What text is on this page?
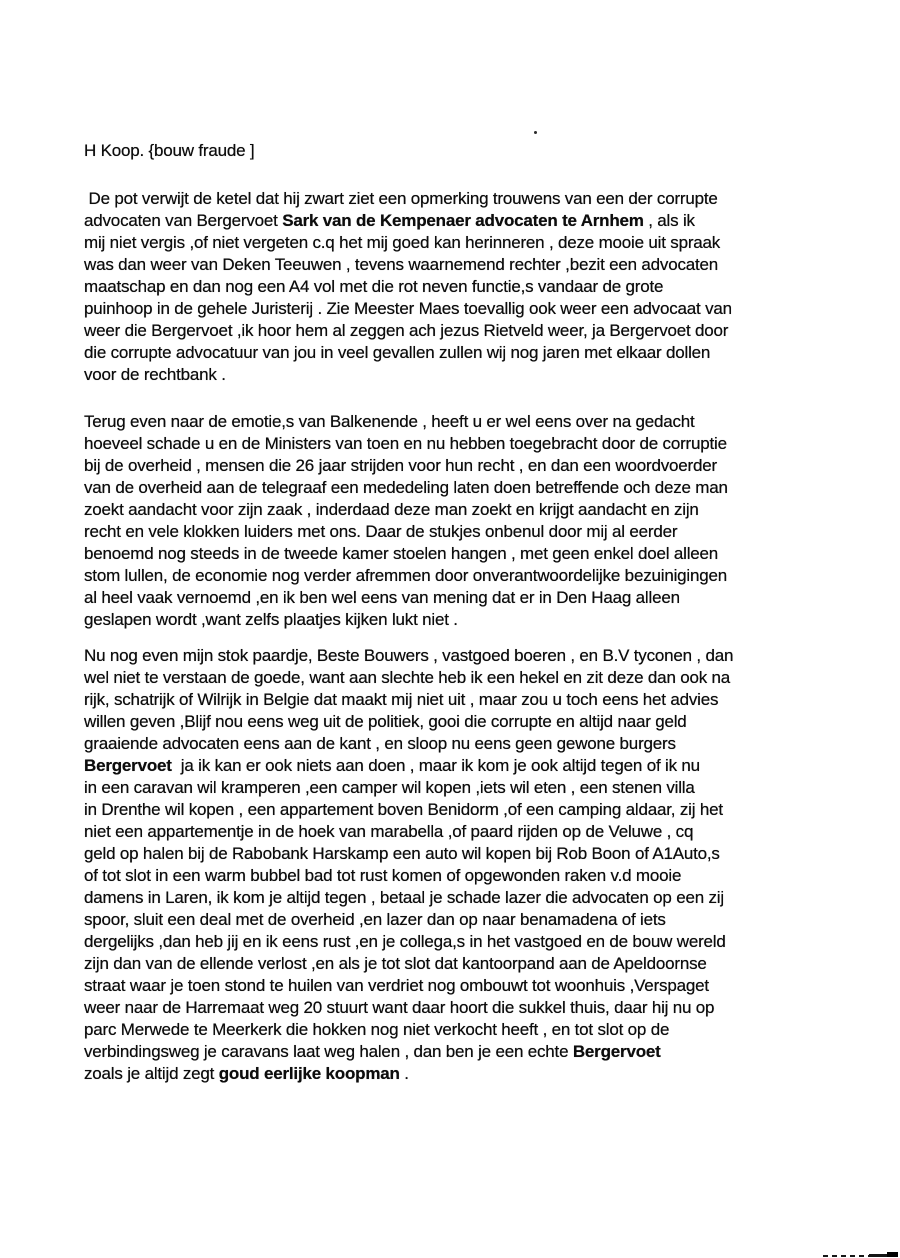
H Koop. {bouw fraude ]
De pot verwijt de ketel dat hij zwart ziet een opmerking trouwens van een der corrupte
advocaten van Bergervoet Sark van de Kempenaer advocaten te Arnhem , als ik
mij niet vergis ,of niet vergeten c.q het mij goed kan herinneren , deze mooie uit spraak
was dan weer van Deken Teeuwen , tevens waarnemend rechter ,bezit een advocaten
maatschap en dan nog een A4 vol met die rot neven functie,s vandaar de grote
puinhoop in de gehele Juristerij . Zie Meester Maes toevallig ook weer een advocaat van
weer die Bergervoet ,ik hoor hem al zeggen ach jezus Rietveld weer, ja Bergervoet door
die corrupte advocatuur van jou in veel gevallen zullen wij nog jaren met elkaar dollen
voor de rechtbank .
Terug even naar de emotie,s van Balkenende , heeft u er wel eens over na gedacht
hoeveel schade u en de Ministers van toen en nu hebben toegebracht door de corruptie
bij de overheid , mensen die 26 jaar strijden voor hun recht , en dan een woordvoerder
van de overheid aan de telegraaf een mededeling laten doen betreffende och deze man
zoekt aandacht voor zijn zaak , inderdaad deze man zoekt en krijgt aandacht en zijn
recht en vele klokken luiders met ons. Daar de stukjes onbenul door mij al eerder
benoemd nog steeds in de tweede kamer stoelen hangen , met geen enkel doel alleen
stom lullen, de economie nog verder afremmen door onverantwoordelijke bezuinigingen
al heel vaak vernoemd ,en ik ben wel eens van mening dat er in Den Haag alleen
geslapen wordt ,want zelfs plaatjes kijken lukt niet .
Nu nog even mijn stok paardje, Beste Bouwers , vastgoed boeren , en B.V tyconen , dan
wel niet te verstaan de goede, want aan slechte heb ik een hekel en zit deze dan ook na
rijk, schatrijk of Wilrijk in Belgie dat maakt mij niet uit , maar zou u toch eens het advies
willen geven ,Blijf nou eens weg uit de politiek, gooi die corrupte en altijd naar geld
graaiende advocaten eens aan de kant , en sloop nu eens geen gewone burgers
Bergervoet  ja ik kan er ook niets aan doen , maar ik kom je ook altijd tegen of ik nu
in een caravan wil kramperen ,een camper wil kopen ,iets wil eten , een stenen villa
in Drenthe wil kopen , een appartement boven Benidorm ,of een camping aldaar, zij het
niet een appartementje in de hoek van marabella ,of paard rijden op de Veluwe , cq
geld op halen bij de Rabobank Harskamp een auto wil kopen bij Rob Boon of A1Auto,s
of tot slot in een warm bubbel bad tot rust komen of opgewonden raken v.d mooie
damens in Laren, ik kom je altijd tegen , betaal je schade lazer die advocaten op een zij
spoor, sluit een deal met de overheid ,en lazer dan op naar benamadena of iets
dergelijks ,dan heb jij en ik eens rust ,en je collega,s in het vastgoed en de bouw wereld
zijn dan van de ellende verlost ,en als je tot slot dat kantoorpand aan de Apeldoornse
straat waar je toen stond te huilen van verdriet nog ombouwt tot woonhuis ,Verspaget
weer naar de Harremaat weg 20 stuurt want daar hoort die sukkel thuis, daar hij nu op
parc Merwede te Meerkerk die hokken nog niet verkocht heeft , en tot slot op de
verbindingsweg je caravans laat weg halen , dan ben je een echte Bergervoet
zoals je altijd zegt goud eerlijke koopman .
